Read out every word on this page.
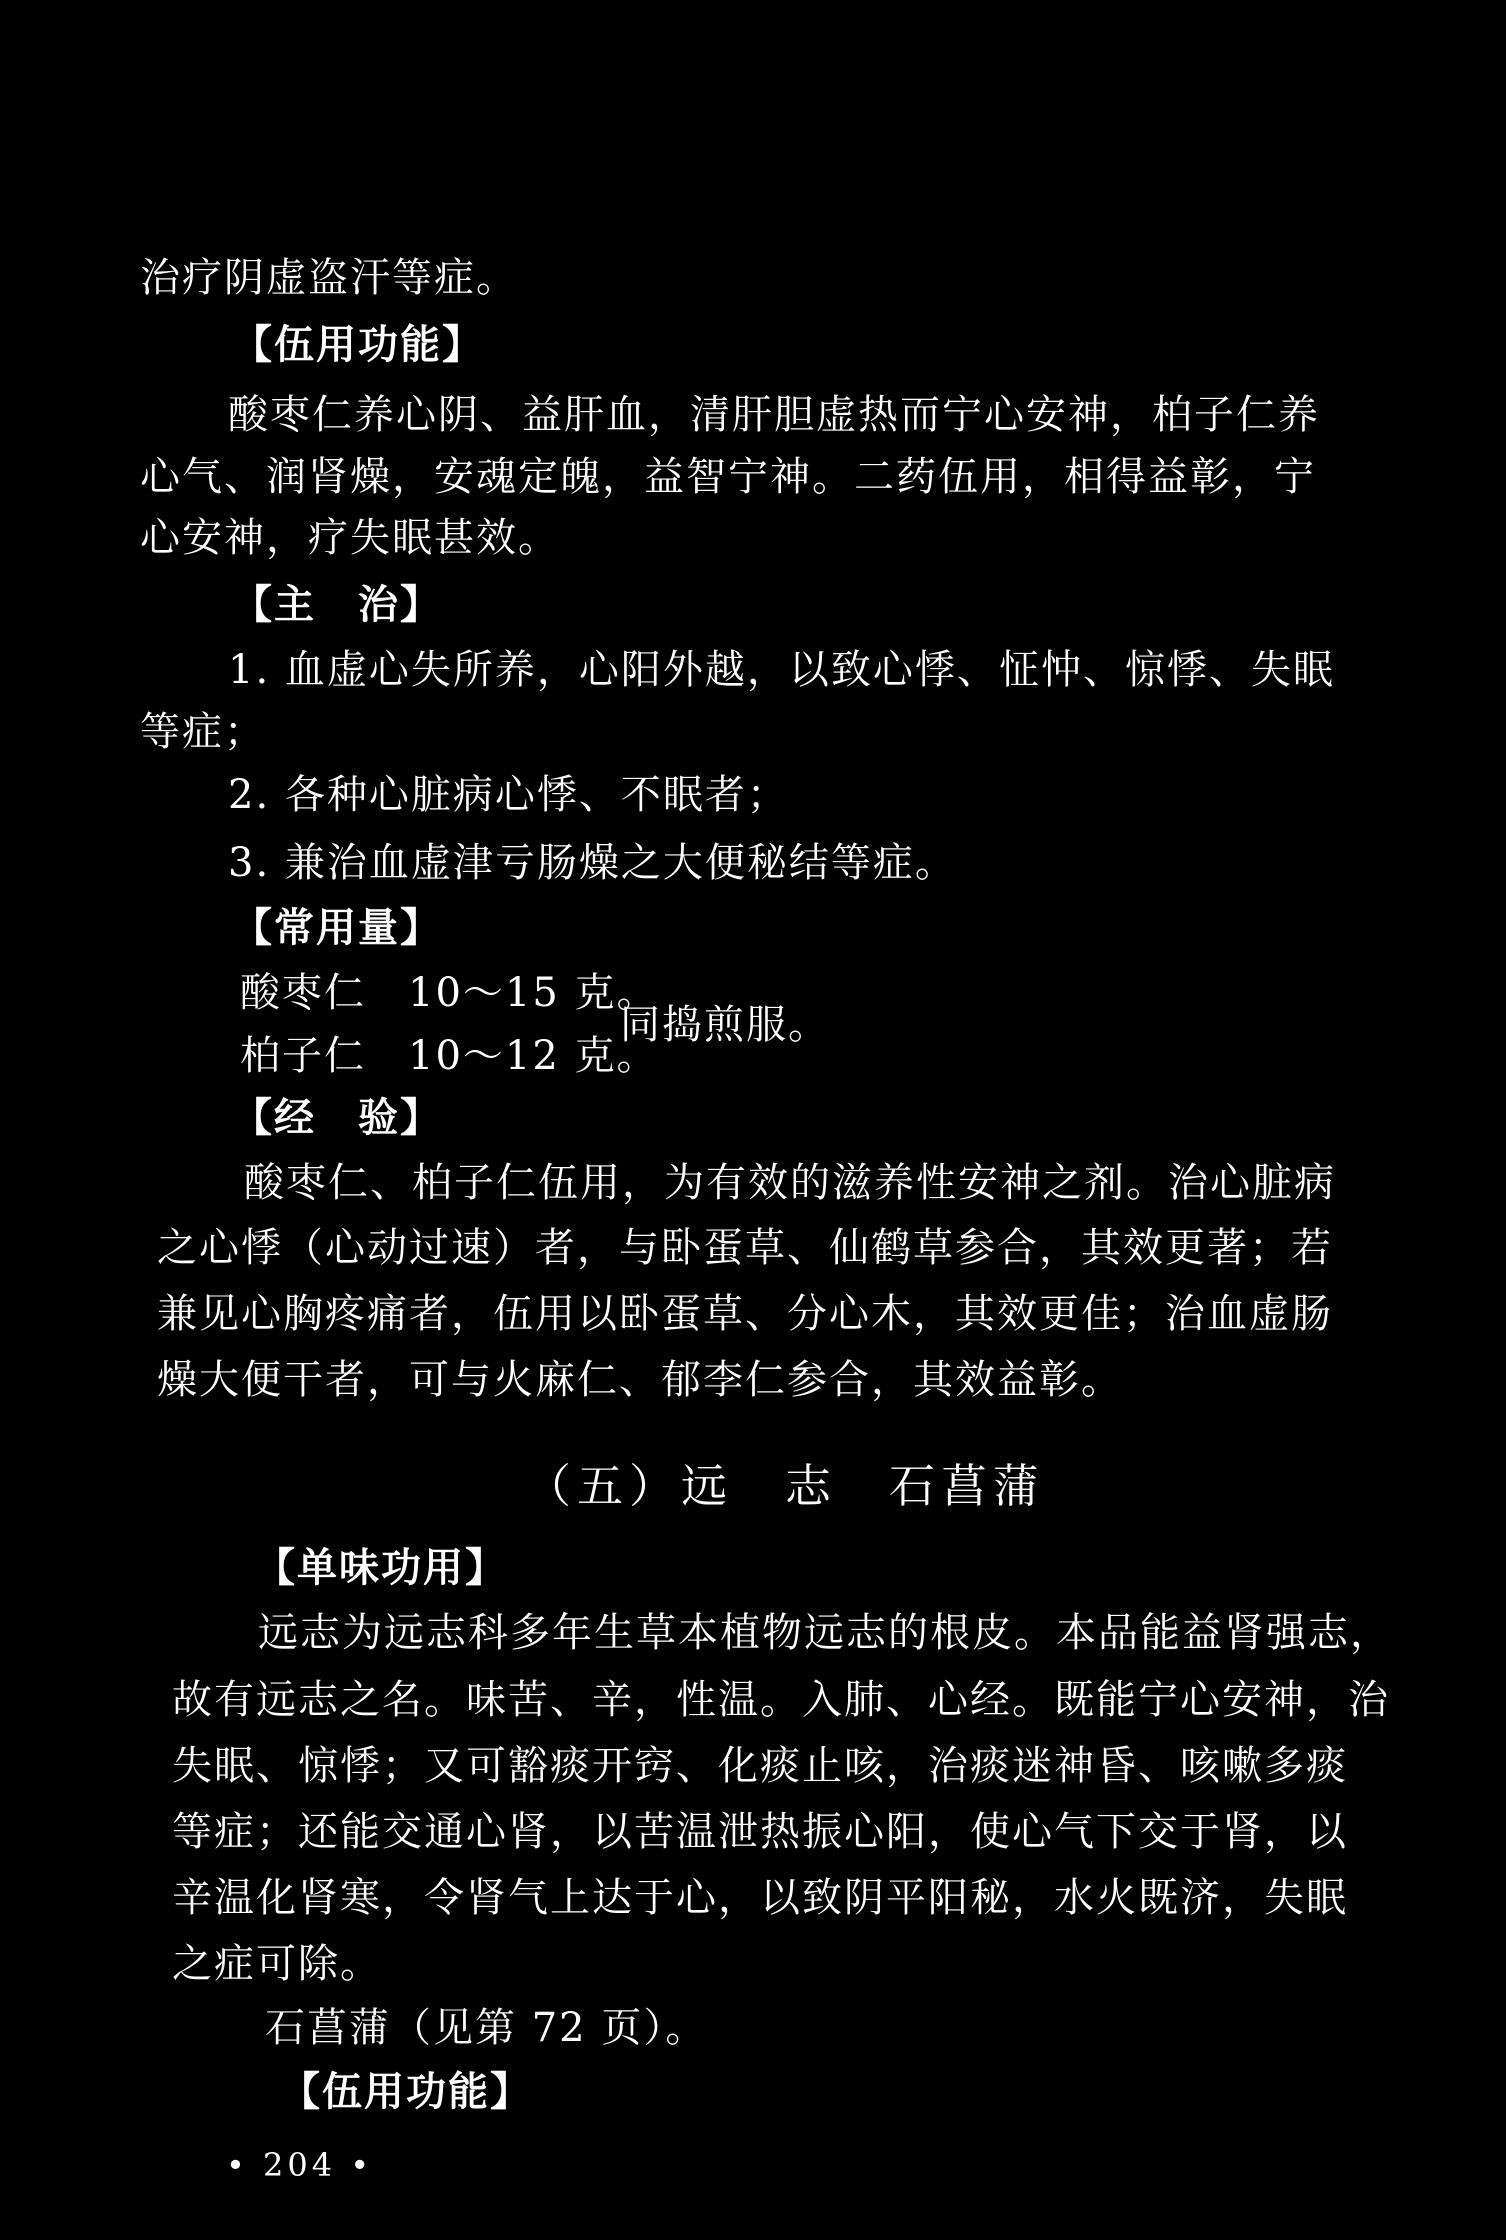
治疗阴虚盗汗等症。
【伍用功能】
酸枣仁养心阴、益肝血，清肝胆虚热而宁心安神，柏子仁养
心气、润肾燥，安魂定魄，益智宁神。二药伍用，相得益彰，宁
心安神，疗失眠甚效。
【主　治】
1. 血虚心失所养，心阳外越，以致心悸、怔忡、惊悸、失眠
等症；
2. 各种心脏病心悸、不眠者；
3. 兼治血虚津亏肠燥之大便秘结等症。
【常用量】
酸枣仁　10～15 克。
柏子仁　10～12 克。
同捣煎服。
【经　验】
酸枣仁、柏子仁伍用，为有效的滋养性安神之剂。治心脏病
之心悸（心动过速）者，与卧蛋草、仙鹤草参合，其效更著；若
兼见心胸疼痛者，伍用以卧蛋草、分心木，其效更佳；治血虚肠
燥大便干者，可与火麻仁、郁李仁参合，其效益彰。
（五）远　志　石菖蒲
【单味功用】
远志为远志科多年生草本植物远志的根皮。本品能益肾强志，
故有远志之名。味苦、辛，性温。入肺、心经。既能宁心安神，治
失眠、惊悸；又可豁痰开窍、化痰止咳，治痰迷神昏、咳嗽多痰
等症；还能交通心肾，以苦温泄热振心阳，使心气下交于肾，以
辛温化肾寒，令肾气上达于心，以致阴平阳秘，水火既济，失眠
之症可除。
石菖蒲（见第 72 页）。
【伍用功能】
• 204 •
